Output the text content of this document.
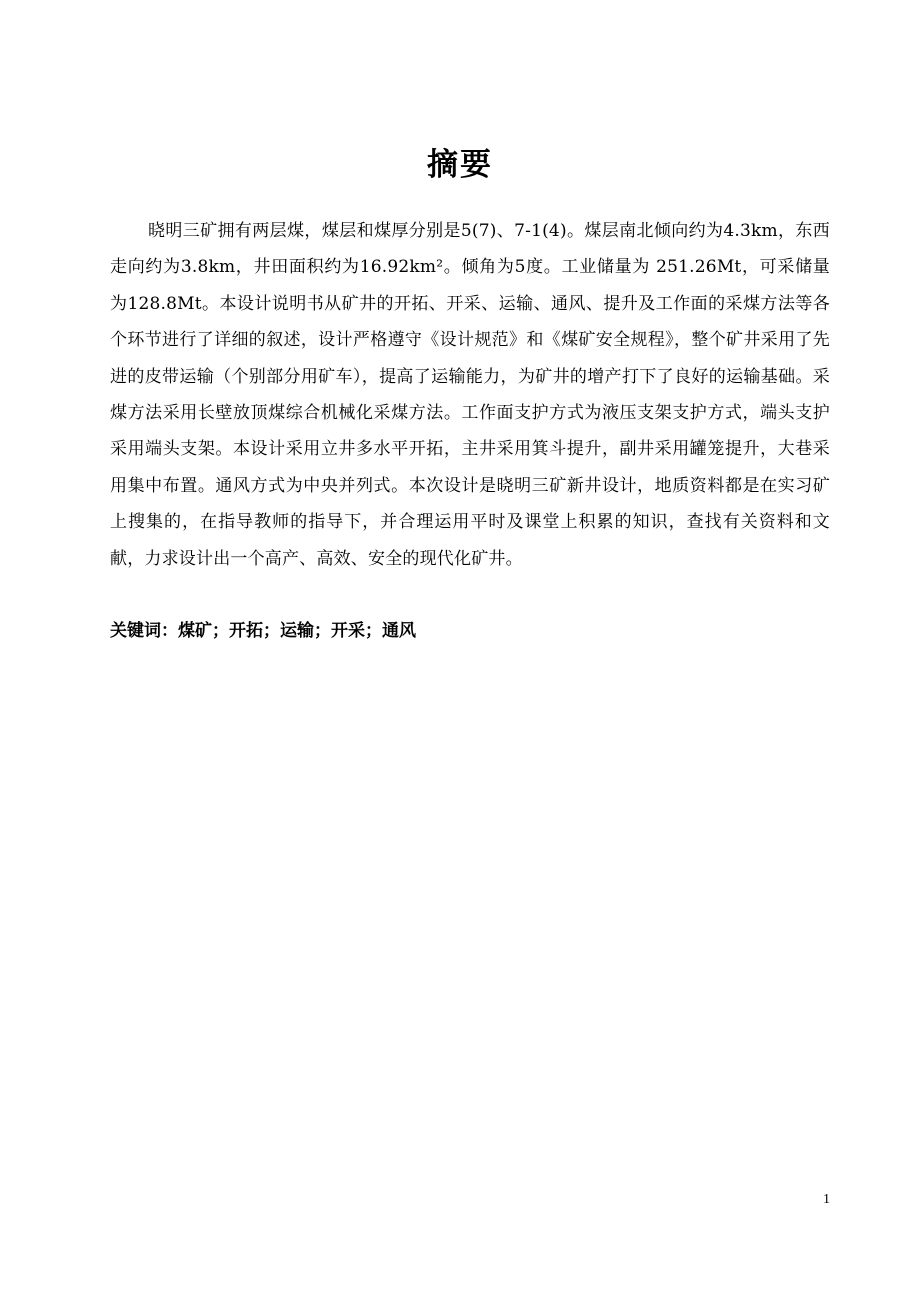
摘要

晓明三矿拥有两层煤，煤层和煤厚分别是5(7)、7-1(4)。煤层南北倾向约为4.3km，东西走向约为3.8km，井田面积约为16.92km²。倾角为5度。工业储量为 251.26Mt，可采储量为128.8Mt。本设计说明书从矿井的开拓、开采、运输、通风、提升及工作面的采煤方法等各个环节进行了详细的叙述，设计严格遵守《设计规范》和《煤矿安全规程》，整个矿井采用了先进的皮带运输（个别部分用矿车），提高了运输能力，为矿井的增产打下了良好的运输基础。采煤方法采用长壁放顶煤综合机械化采煤方法。工作面支护方式为液压支架支护方式，端头支护采用端头支架。本设计采用立井多水平开拓，主井采用箕斗提升，副井采用罐笼提升，大巷采用集中布置。通风方式为中央并列式。本次设计是晓明三矿新井设计，地质资料都是在实习矿上搜集的，在指导教师的指导下，并合理运用平时及课堂上积累的知识，查找有关资料和文献，力求设计出一个高产、高效、安全的现代化矿井。

关键词：煤矿；开拓；运输；开采；通风

1
